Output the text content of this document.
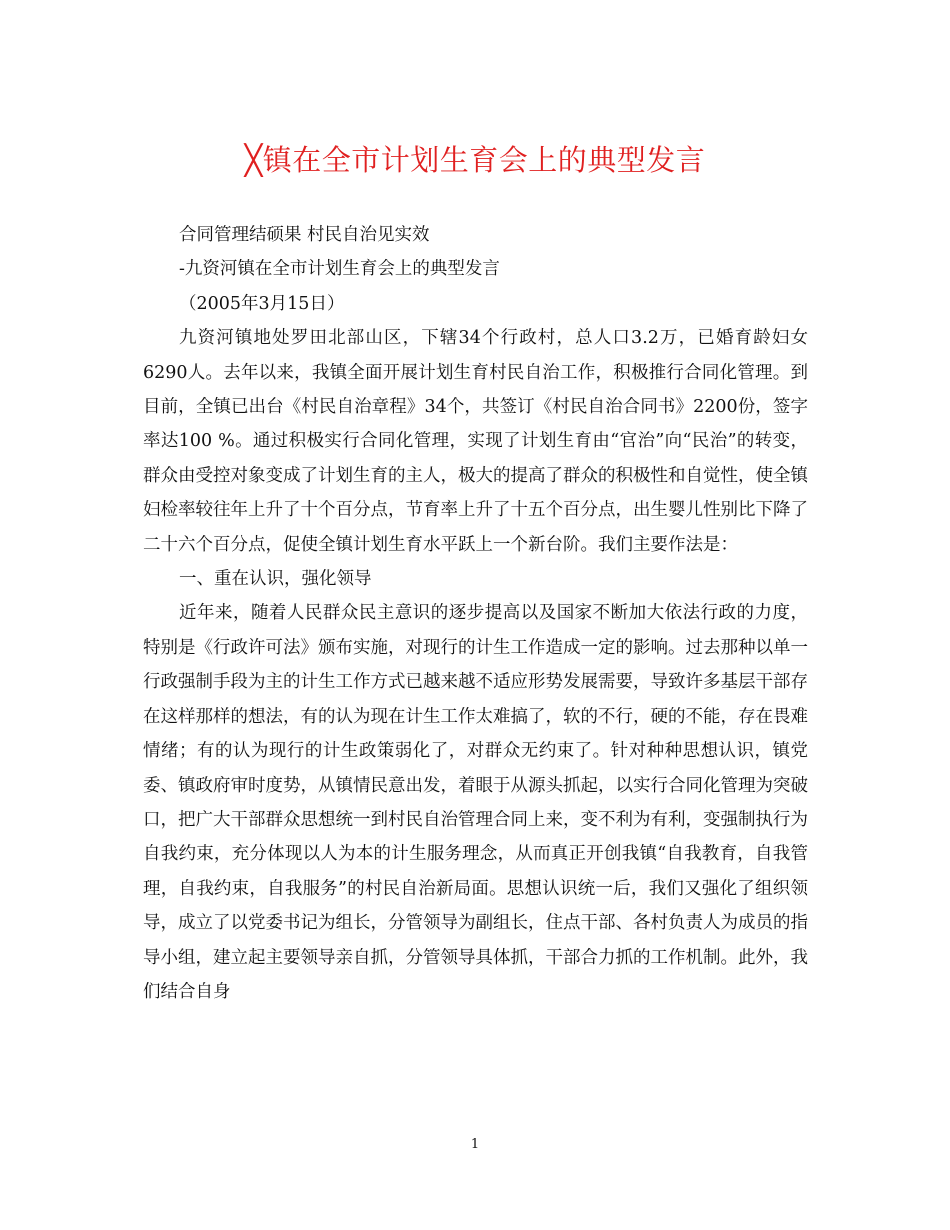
╳镇在全市计划生育会上的典型发言

合同管理结硕果 村民自治见实效

-九资河镇在全市计划生育会上的典型发言

（2005年3月15日）

九资河镇地处罗田北部山区，下辖34个行政村，总人口3.2万，已婚育龄妇女6290人。去年以来，我镇全面开展计划生育村民自治工作，积极推行合同化管理。到目前，全镇已出台《村民自治章程》34个，共签订《村民自治合同书》2200份，签字率达100 %。通过积极实行合同化管理，实现了计划生育由“官治”向“民治”的转变，群众由受控对象变成了计划生育的主人，极大的提高了群众的积极性和自觉性，使全镇妇检率较往年上升了十个百分点，节育率上升了十五个百分点，出生婴儿性别比下降了二十六个百分点，促使全镇计划生育水平跃上一个新台阶。我们主要作法是：

一、重在认识，强化领导

近年来，随着人民群众民主意识的逐步提高以及国家不断加大依法行政的力度，特别是《行政许可法》颁布实施，对现行的计生工作造成一定的影响。过去那种以单一行政强制手段为主的计生工作方式已越来越不适应形势发展需要，导致许多基层干部存在这样那样的想法，有的认为现在计生工作太难搞了，软的不行，硬的不能，存在畏难情绪；有的认为现行的计生政策弱化了，对群众无约束了。针对种种思想认识，镇党委、镇政府审时度势，从镇情民意出发，着眼于从源头抓起，以实行合同化管理为突破口，把广大干部群众思想统一到村民自治管理合同上来，变不利为有利，变强制执行为自我约束，充分体现以人为本的计生服务理念，从而真正开创我镇“自我教育，自我管理，自我约束，自我服务”的村民自治新局面。思想认识统一后，我们又强化了组织领导，成立了以党委书记为组长，分管领导为副组长，住点干部、各村负责人为成员的指导小组，建立起主要领导亲自抓，分管领导具体抓，干部合力抓的工作机制。此外，我们结合自身

1
